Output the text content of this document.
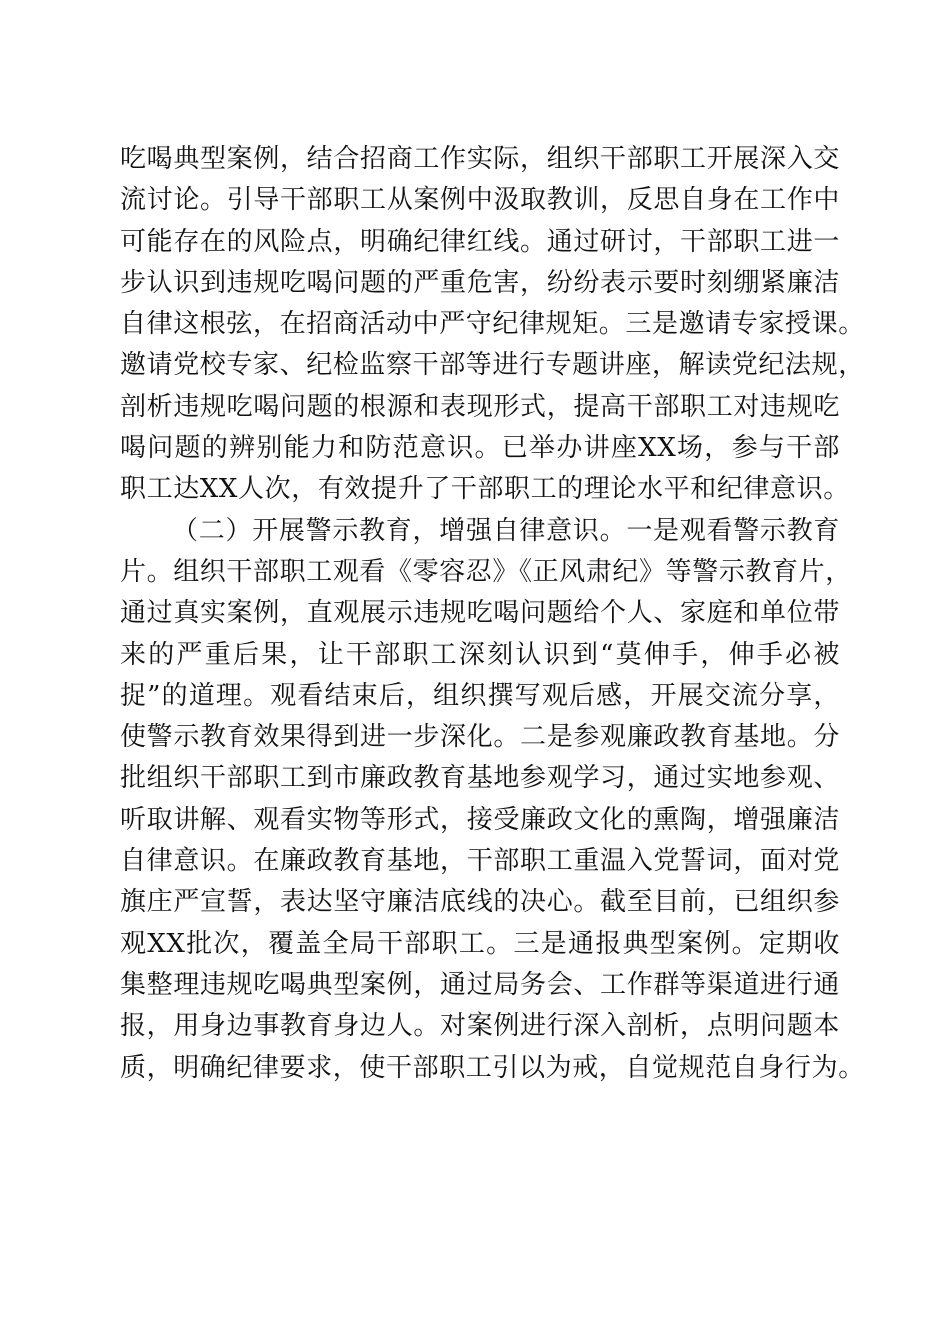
吃喝典型案例，结合招商工作实际，组织干部职工开展深入交
流讨论。引导干部职工从案例中汲取教训，反思自身在工作中
可能存在的风险点，明确纪律红线。通过研讨，干部职工进一
步认识到违规吃喝问题的严重危害，纷纷表示要时刻绷紧廉洁
自律这根弦，在招商活动中严守纪律规矩。三是邀请专家授课。
邀请党校专家、纪检监察干部等进行专题讲座，解读党纪法规，
剖析违规吃喝问题的根源和表现形式，提高干部职工对违规吃
喝问题的辨别能力和防范意识。已举办讲座XX场，参与干部
职工达XX人次，有效提升了干部职工的理论水平和纪律意识。
（二）开展警示教育，增强自律意识。一是观看警示教育
片。组织干部职工观看《零容忍》《正风肃纪》等警示教育片，
通过真实案例，直观展示违规吃喝问题给个人、家庭和单位带
来的严重后果，让干部职工深刻认识到“莫伸手，伸手必被
捉”的道理。观看结束后，组织撰写观后感，开展交流分享，
使警示教育效果得到进一步深化。二是参观廉政教育基地。分
批组织干部职工到市廉政教育基地参观学习，通过实地参观、
听取讲解、观看实物等形式，接受廉政文化的熏陶，增强廉洁
自律意识。在廉政教育基地，干部职工重温入党誓词，面对党
旗庄严宣誓，表达坚守廉洁底线的决心。截至目前，已组织参
观XX批次，覆盖全局干部职工。三是通报典型案例。定期收
集整理违规吃喝典型案例，通过局务会、工作群等渠道进行通
报，用身边事教育身边人。对案例进行深入剖析，点明问题本
质，明确纪律要求，使干部职工引以为戒，自觉规范自身行为。
